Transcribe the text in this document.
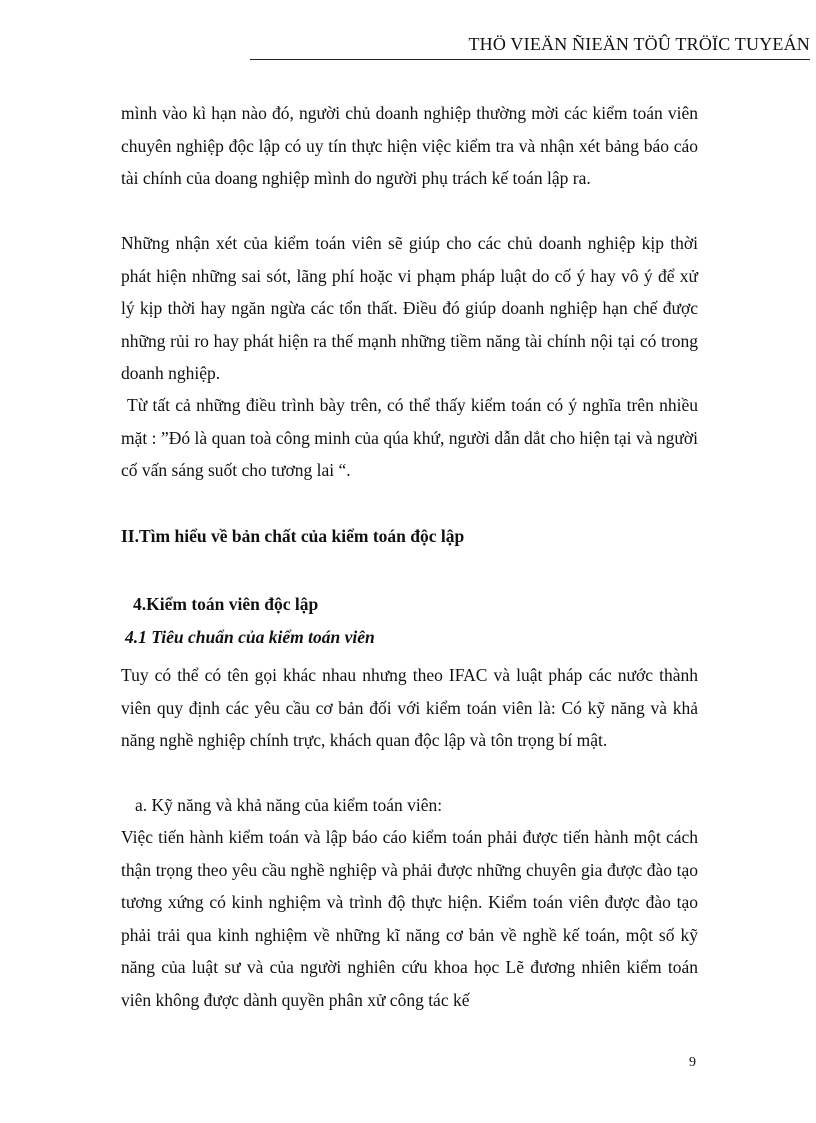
THÖ VIEÄN ÑIEÄN TÖÛ TRÖÏC TUYEÁN

mình vào kì hạn nào đó, người chủ doanh nghiệp thường mời các kiểm toán viên chuyên nghiệp độc lập có uy tín thực hiện việc kiểm tra và nhận xét bảng báo cáo tài chính của doang nghiệp mình do người phụ trách kế toán lập ra.

Những nhận xét của kiểm toán viên sẽ giúp cho các chủ doanh nghiệp kịp thời phát hiện những sai sót, lãng phí hoặc vi phạm pháp luật do cố ý hay vô ý để xử lý kịp thời hay ngăn ngừa các tổn thất. Điều đó giúp doanh nghiệp hạn chế được những rủi ro hay phát hiện ra thế mạnh những tiềm năng tài chính nội tại có trong doanh nghiệp.

Từ tất cả những điều trình bày trên, có thể thấy kiểm toán có ý nghĩa trên nhiều mặt : ”Đó là quan toà công minh của qúa khứ, người dẫn dắt cho hiện tại và người cố vấn sáng suốt cho tương lai “.

II.Tìm hiểu về bản chất của kiểm toán độc lập
4.Kiểm toán viên độc lập
4.1 Tiêu chuẩn của kiểm toán viên

Tuy có thể có tên gọi khác nhau nhưng theo IFAC và luật pháp các nước thành viên quy định các yêu cầu cơ bản đối với kiểm toán viên là: Có kỹ năng và khả năng nghề nghiệp chính trực, khách quan độc lập và tôn trọng bí mật.

a. Kỹ năng và khả năng của kiểm toán viên:

Việc tiến hành kiểm toán và lập báo cáo kiểm toán phải được tiến hành một cách thận trọng theo yêu cầu nghề nghiệp và phải được những chuyên gia được đào tạo tương xứng có kinh nghiệm và trình độ thực hiện. Kiểm toán viên được đào tạo phải trải qua kinh nghiệm về những kĩ năng cơ bản về nghề kế toán, một số kỹ năng của luật sư và của người nghiên cứu khoa học Lẽ đương nhiên kiểm toán viên không được dành quyền phân xử công tác kế

9
